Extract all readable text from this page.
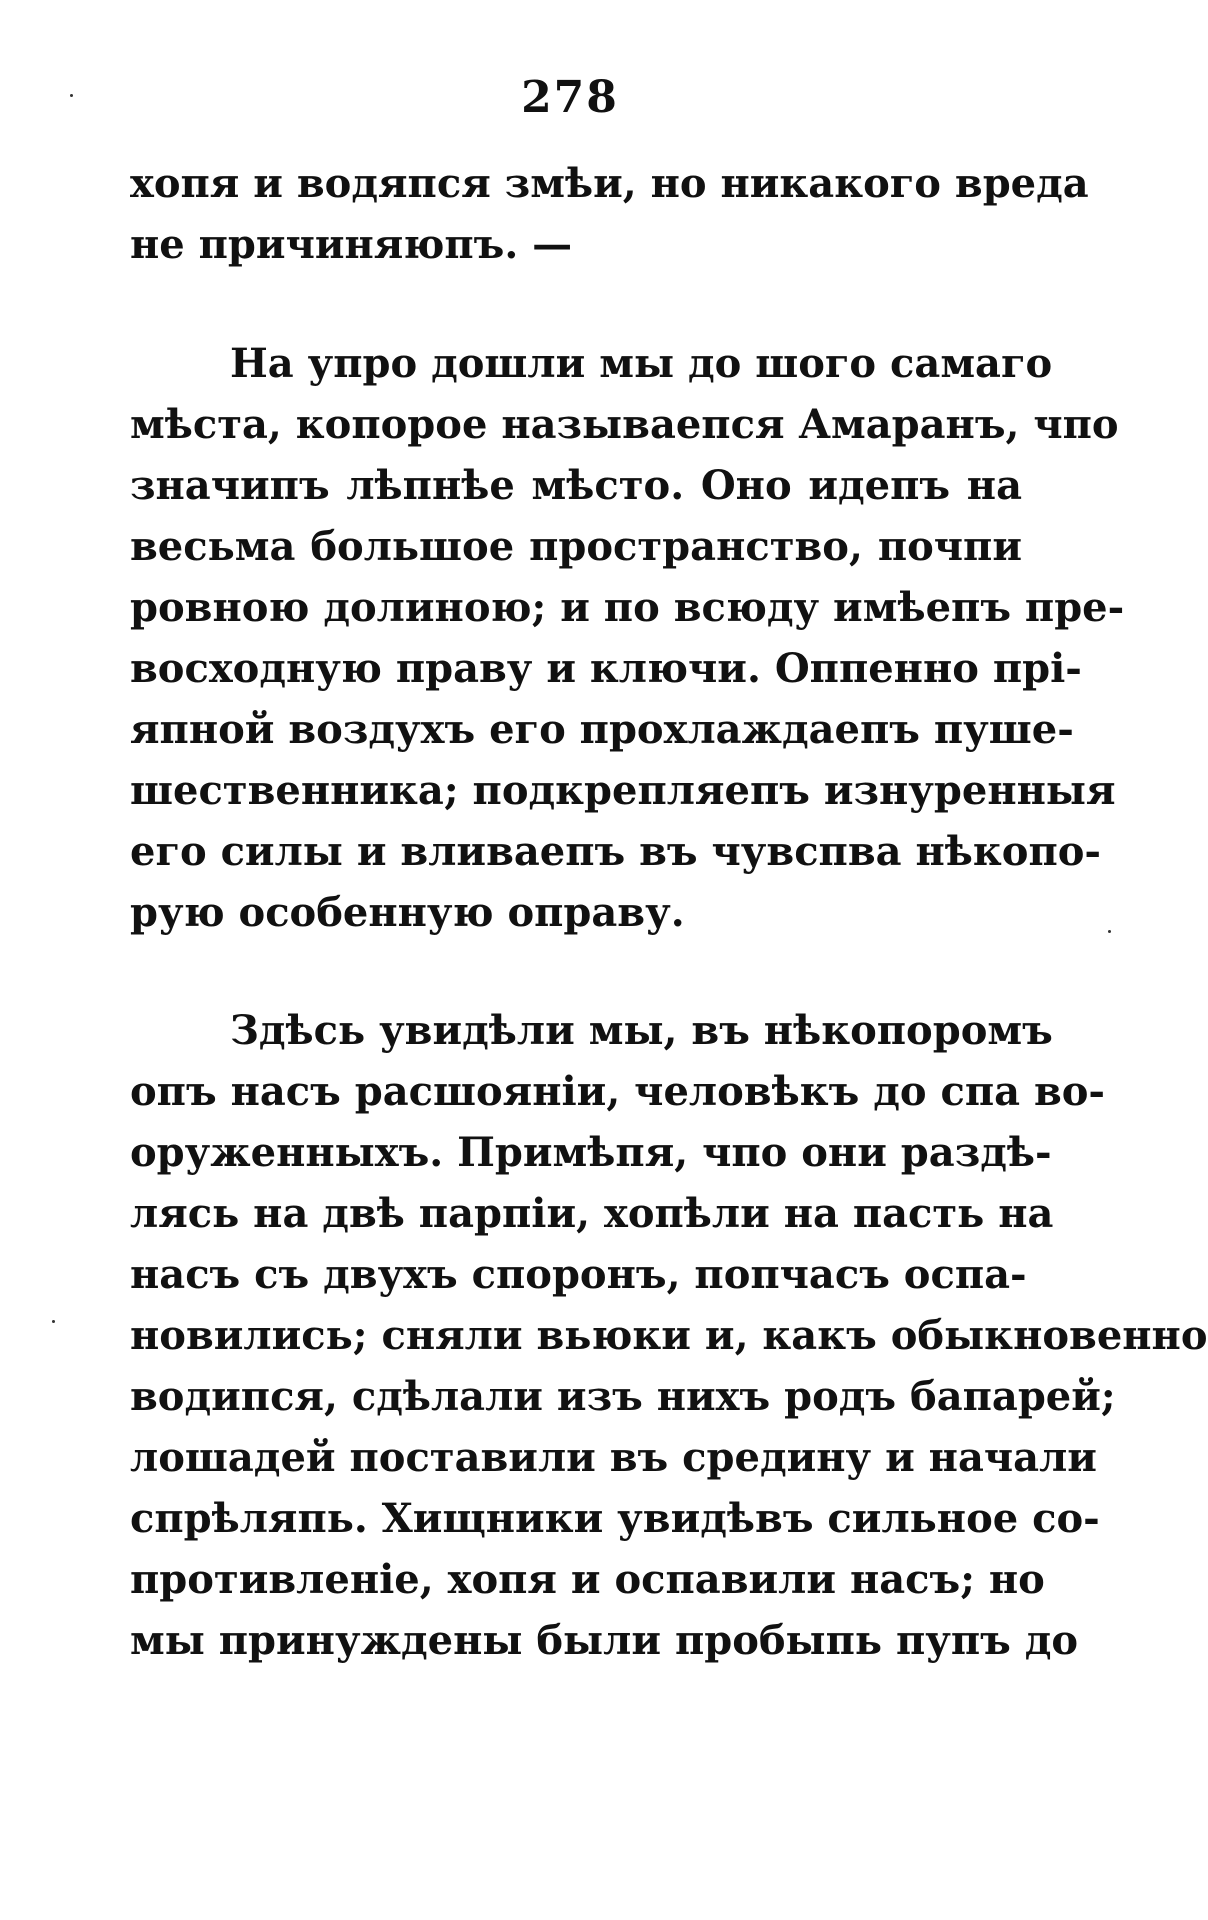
278
хопя и водяпся змѣи, но никакого вреда
не причиняюпъ. —
На упро дошли мы до шого самаго
мѣста, копорое называепся Амаранъ, чпо
значипъ лѣпнѣе мѣсто. Оно идепъ на
весьма большое пространство, почпи
ровною долиною; и по всюду имѣепъ пре-
восходную праву и ключи. Оппенно прі-
япной воздухъ его прохлаждаепъ пуше-
шественника; подкрепляепъ изнуренныя
его силы и вливаепъ въ чувспва нѣкопо-
рую особенную оправу.
Здѣсь увидѣли мы, въ нѣкопоромъ
опъ насъ расшояніи, человѣкъ до спа во-
оруженныхъ. Примѣпя, чпо они раздѣ-
лясь на двѣ парпіи, хопѣли на пасть на
насъ съ двухъ споронъ, попчасъ оспа-
новились; сняли вьюки и, какъ обыкновенно
водипся, сдѣлали изъ нихъ родъ бапарей;
лошадей поставили въ средину и начали
спрѣляпь. Хищники увидѣвъ сильное со-
противленіе, хопя и оспавили насъ; но
мы принуждены были пробыпь пупъ до
